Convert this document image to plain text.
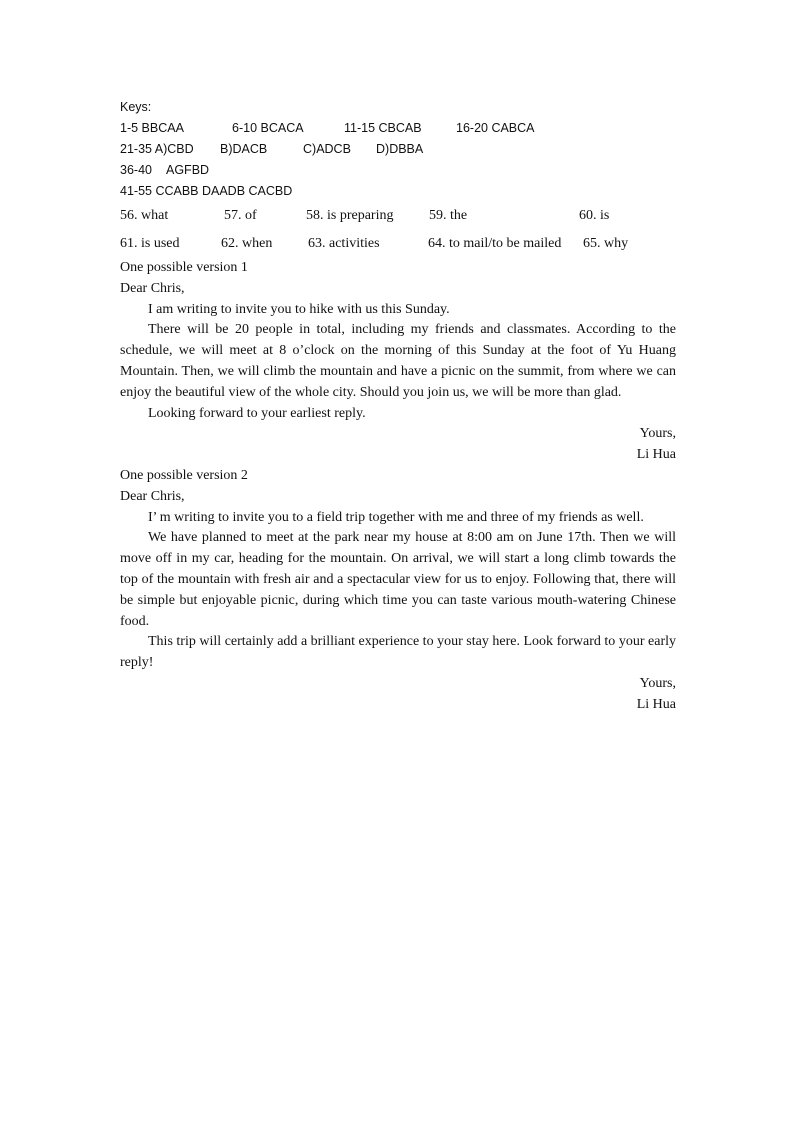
Keys:
1-5 BBCAA	6-10 BCACA	11-15 CBCAB	16-20 CABCA
21-35 A)CBD B)DACB	C)ADCB D)DBBA
36-40 AGFBD
41-55 CCABB DAADB CACBD
56. what	57. of	58. is preparing	59. the	60. is
61. is used	62. when	63. activities	64. to mail/to be mailed 65. why
One possible version 1
Dear Chris,

I am writing to invite you to hike with us this Sunday.

There will be 20 people in total, including my friends and classmates. According to the schedule, we will meet at 8 o’clock on the morning of this Sunday at the foot of Yu Huang Mountain. Then, we will climb the mountain and have a picnic on the summit, from where we can enjoy the beautiful view of the whole city. Should you join us, we will be more than glad.

Looking forward to your earliest reply.

Yours,
Li Hua
One possible version 2
Dear Chris,

I’ m writing to invite you to a field trip together with me and three of my friends as well.

We have planned to meet at the park near my house at 8:00 am on June 17th. Then we will move off in my car, heading for the mountain. On arrival, we will start a long climb towards the top of the mountain with fresh air and a spectacular view for us to enjoy. Following that, there will be simple but enjoyable picnic, during which time you can taste various mouth-watering Chinese food.

This trip will certainly add a brilliant experience to your stay here. Look forward to your early reply!

Yours,
Li Hua
